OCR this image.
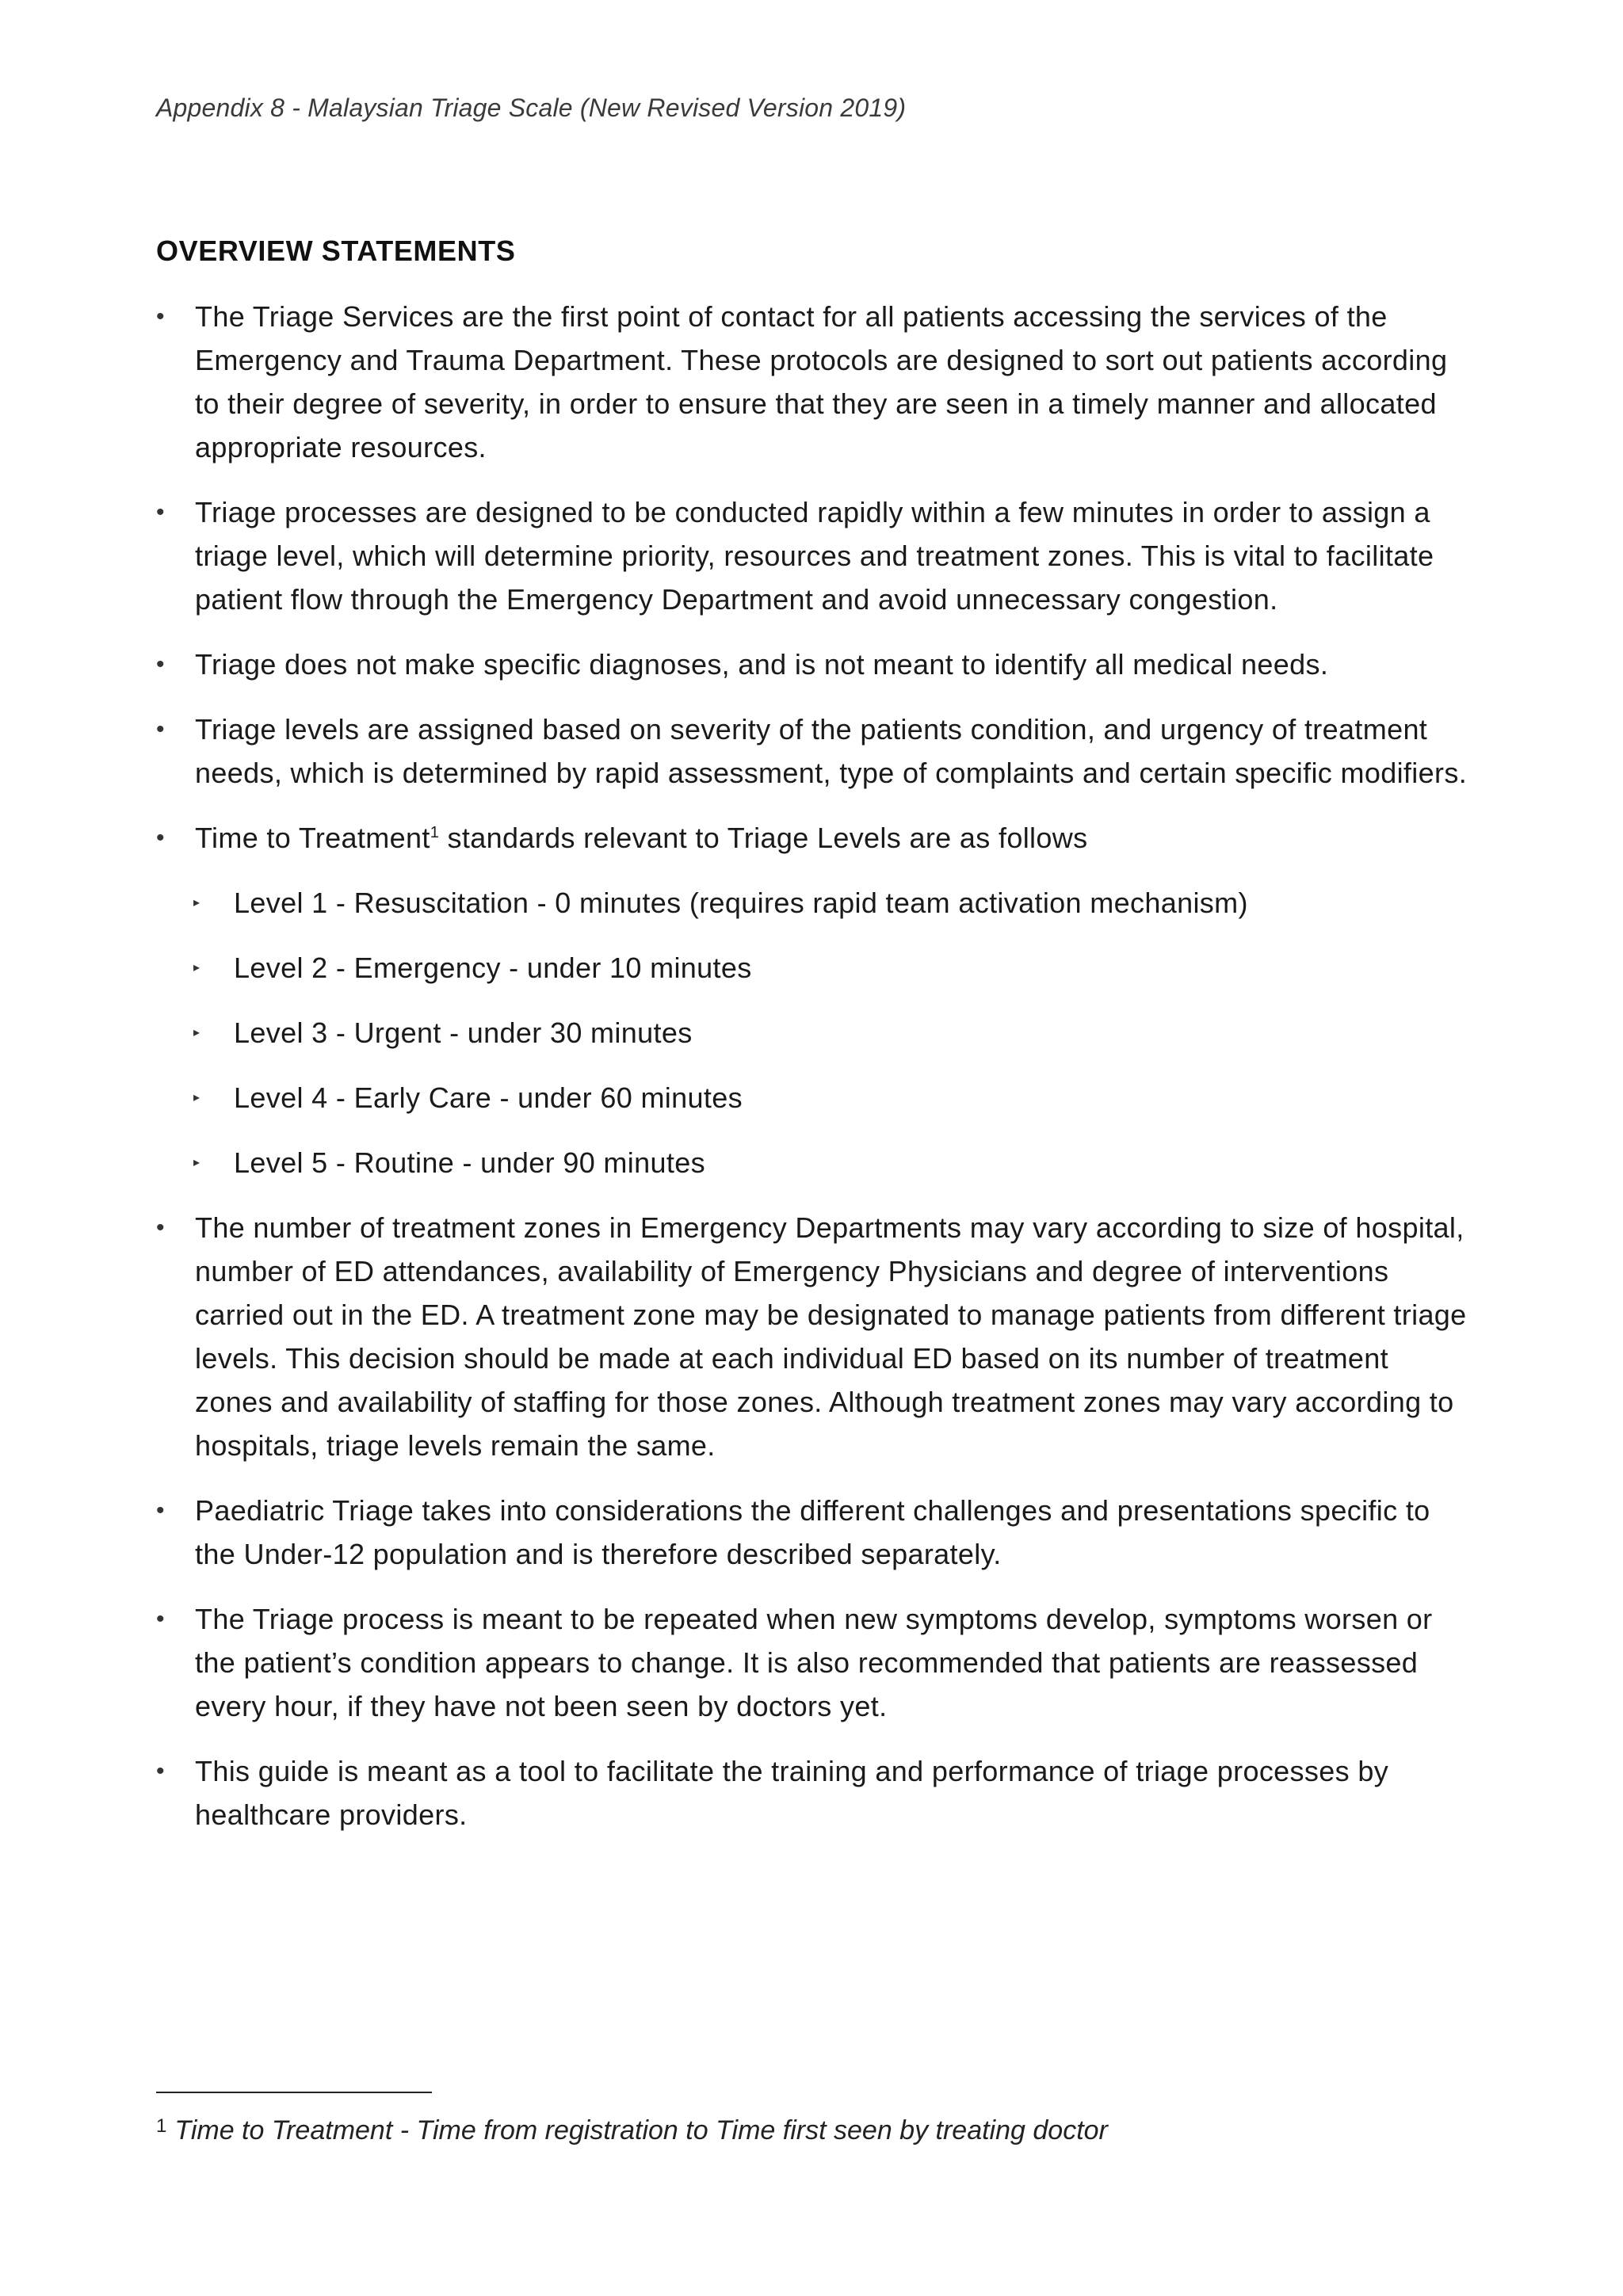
Appendix 8 - Malaysian Triage Scale (New Revised Version 2019)
OVERVIEW STATEMENTS
• The Triage Services are the first point of contact for all patients accessing the services of the Emergency and Trauma Department. These protocols are designed to sort out patients according to their degree of severity, in order to ensure that they are seen in a timely manner and allocated appropriate resources.
• Triage processes are designed to be conducted rapidly within a few minutes in order to assign a triage level, which will determine priority, resources and treatment zones. This is vital to facilitate patient flow through the Emergency Department and avoid unnecessary congestion.
• Triage does not make specific diagnoses, and is not meant to identify all medical needs.
• Triage levels are assigned based on severity of the patients condition, and urgency of treatment needs, which is determined by rapid assessment, type of complaints and certain specific modifiers.
• Time to Treatment$^1$ standards relevant to Triage Levels are as follows
▸ Level 1 - Resuscitation - 0 minutes (requires rapid team activation mechanism)
▸ Level 2 - Emergency - under 10 minutes
▸ Level 3 - Urgent - under 30 minutes
▸ Level 4 - Early Care - under 60 minutes
▸ Level 5 - Routine - under 90 minutes
• The number of treatment zones in Emergency Departments may vary according to size of hospital, number of ED attendances, availability of Emergency Physicians and degree of interventions carried out in the ED. A treatment zone may be designated to manage patients from different triage levels. This decision should be made at each individual ED based on its number of treatment zones and availability of staffing for those zones. Although treatment zones may vary according to hospitals, triage levels remain the same.
• Paediatric Triage takes into considerations the different challenges and presentations specific to the Under-12 population and is therefore described separately.
• The Triage process is meant to be repeated when new symptoms develop, symptoms worsen or the patient’s condition appears to change. It is also recommended that patients are reassessed every hour, if they have not been seen by doctors yet.
• This guide is meant as a tool to facilitate the training and performance of triage processes by healthcare providers.
$^1$ Time to Treatment - Time from registration to Time first seen by treating doctor
